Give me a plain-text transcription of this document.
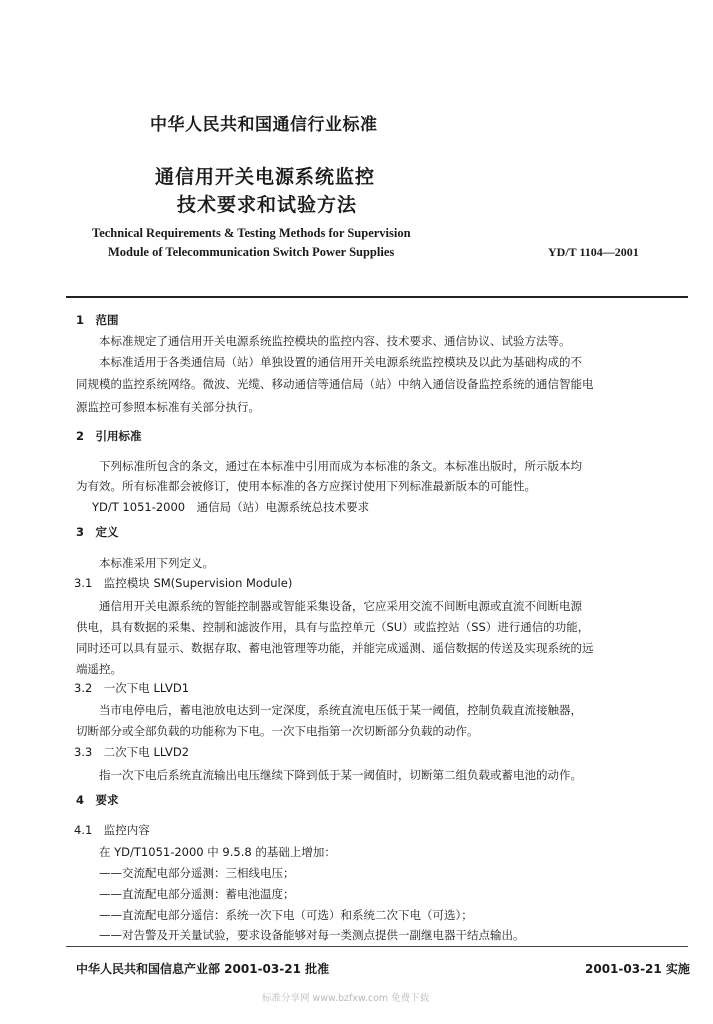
中华人民共和国通信行业标准
通信用开关电源系统监控
技术要求和试验方法
Technical Requirements & Testing Methods for Supervision
Module of Telecommunication Switch Power Supplies	YD/T 1104—2001
1　范围
本标准规定了通信用开关电源系统监控模块的监控内容、技术要求、通信协议、试验方法等。
本标准适用于各类通信局（站）单独设置的通信用开关电源系统监控模块及以此为基础构成的不
同规模的监控系统网络。微波、光缆、移动通信等通信局（站）中纳入通信设备监控系统的通信智能电
源监控可参照本标准有关部分执行。
2　引用标准
下列标准所包含的条文，通过在本标准中引用而成为本标准的条文。本标准出版时，所示版本均
为有效。所有标准都会被修订，使用本标准的各方应探讨使用下列标准最新版本的可能性。
YD/T 1051-2000　通信局（站）电源系统总技术要求
3　定义
本标准采用下列定义。
3.1　监控模块 SM(Supervision Module)
通信用开关电源系统的智能控制器或智能采集设备，它应采用交流不间断电源或直流不间断电源
供电，具有数据的采集、控制和滤波作用，具有与监控单元（SU）或监控站（SS）进行通信的功能，
同时还可以具有显示、数据存取、蓄电池管理等功能，并能完成遥测、遥信数据的传送及实现系统的远
端遥控。
3.2　一次下电 LLVD1
当市电停电后，蓄电池放电达到一定深度，系统直流电压低于某一阈值，控制负载直流接触器，
切断部分或全部负载的功能称为下电。一次下电指第一次切断部分负载的动作。
3.3　二次下电 LLVD2
指一次下电后系统直流输出电压继续下降到低于某一阈值时，切断第二组负载或蓄电池的动作。
4　要求
4.1　监控内容
在 YD/T1051-2000 中 9.5.8 的基础上增加：
——交流配电部分遥测：三相线电压；
——直流配电部分遥测：蓄电池温度；
——直流配电部分遥信：系统一次下电（可选）和系统二次下电（可选）；
——对告警及开关量试验，要求设备能够对每一类测点提供一副继电器干结点输出。
中华人民共和国信息产业部 2001-03-21 批准	2001-03-21 实施
标准分享网 www.bzfxw.com 免费下载
